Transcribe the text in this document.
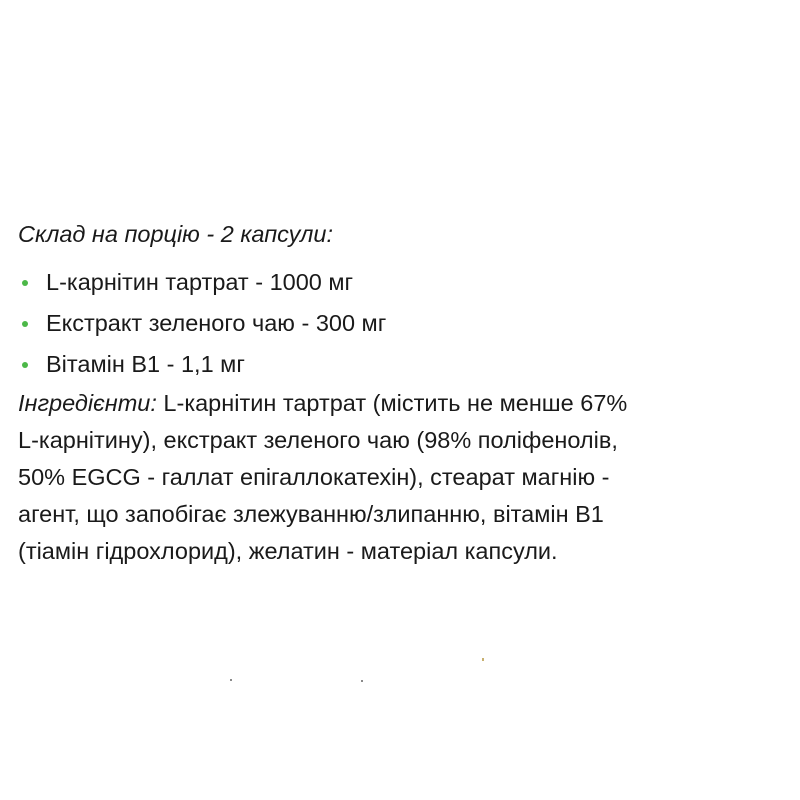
Склад на порцію - 2 капсули:
L-карнітин тартрат - 1000 мг
Екстракт зеленого чаю - 300 мг
Вітамін B1 - 1,1 мг
Інгредієнти: L-карнітин тартрат (містить не менше 67%
L-карнітину), екстракт зеленого чаю (98% поліфенолів,
50% EGCG - галлат епігаллокатехін), стеарат магнію -
агент, що запобігає злежуванню/злипанню, вітамін B1
(тіамін гідрохлорид), желатин - матеріал капсули.
